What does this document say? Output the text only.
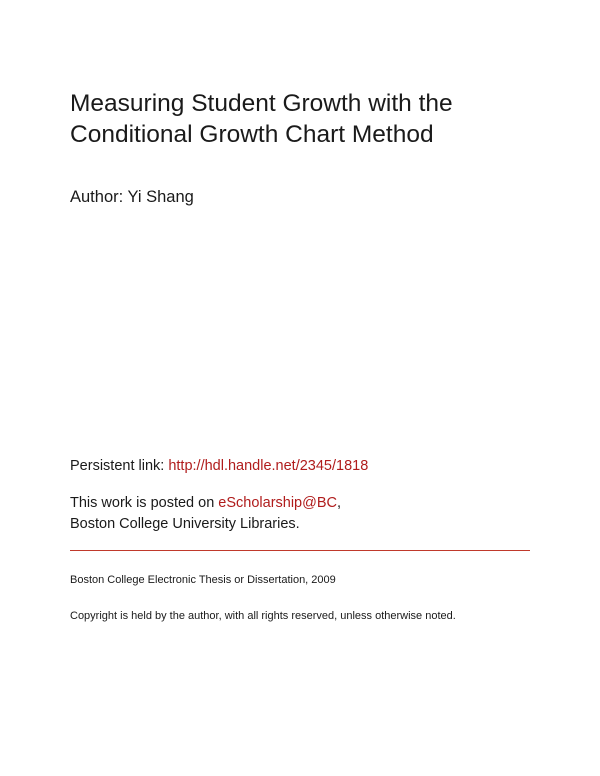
Measuring Student Growth with the
Conditional Growth Chart Method
Author: Yi Shang
Persistent link: http://hdl.handle.net/2345/1818
This work is posted on eScholarship@BC,
Boston College University Libraries.
Boston College Electronic Thesis or Dissertation, 2009
Copyright is held by the author, with all rights reserved, unless otherwise noted.
